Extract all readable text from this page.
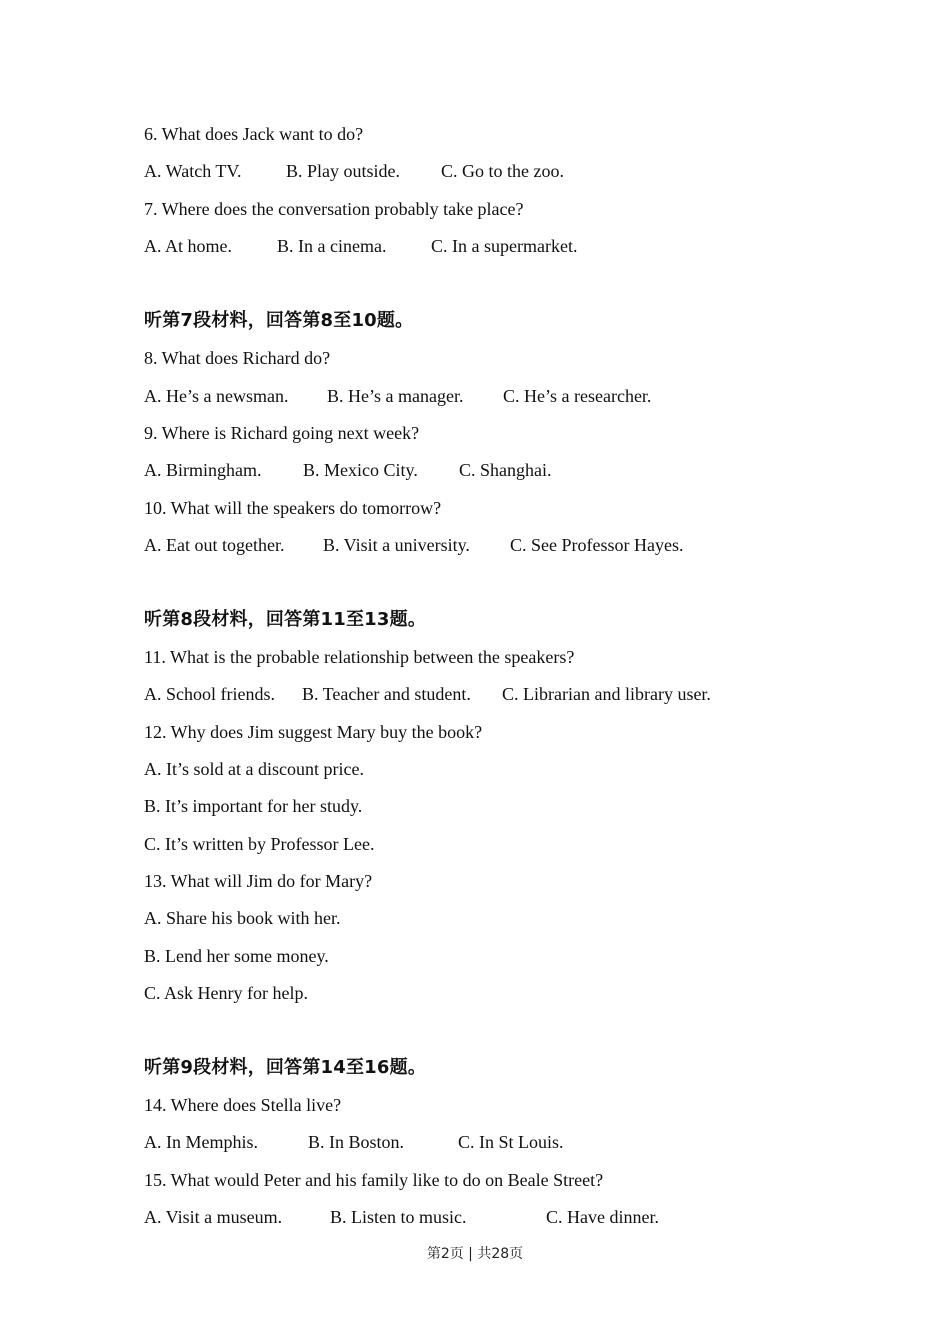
6. What does Jack want to do?
A. Watch TV. B. Play outside. C. Go to the zoo.
7. Where does the conversation probably take place?
A. At home.	B. In a cinema. C. In a supermarket.
听第7段材料，回答第8至10题。
8. What does Richard do?
A. He’s a newsman. B. He’s a manager. C. He’s a researcher.
9. Where is Richard going next week?
A. Birmingham. B. Mexico City. C. Shanghai.
10. What will the speakers do tomorrow?
A. Eat out together. B. Visit a university. C. See Professor Hayes.
听第8段材料，回答第11至13题。
11. What is the probable relationship between the speakers?
A. School friends. B. Teacher and student. C. Librarian and library user.
12. Why does Jim suggest Mary buy the book?
A. It’s sold at a discount price.
B. It’s important for her study.
C. It’s written by Professor Lee.
13. What will Jim do for Mary?
A. Share his book with her.
B. Lend her some money.
C. Ask Henry for help.
听第9段材料，回答第14至16题。
14. Where does Stella live?
A. In Memphis.	B. In Boston.	C. In St Louis.
15. What would Peter and his family like to do on Beale Street?
A. Visit a museum.	B. Listen to music.	C. Have dinner.
第2页 | 共28页
